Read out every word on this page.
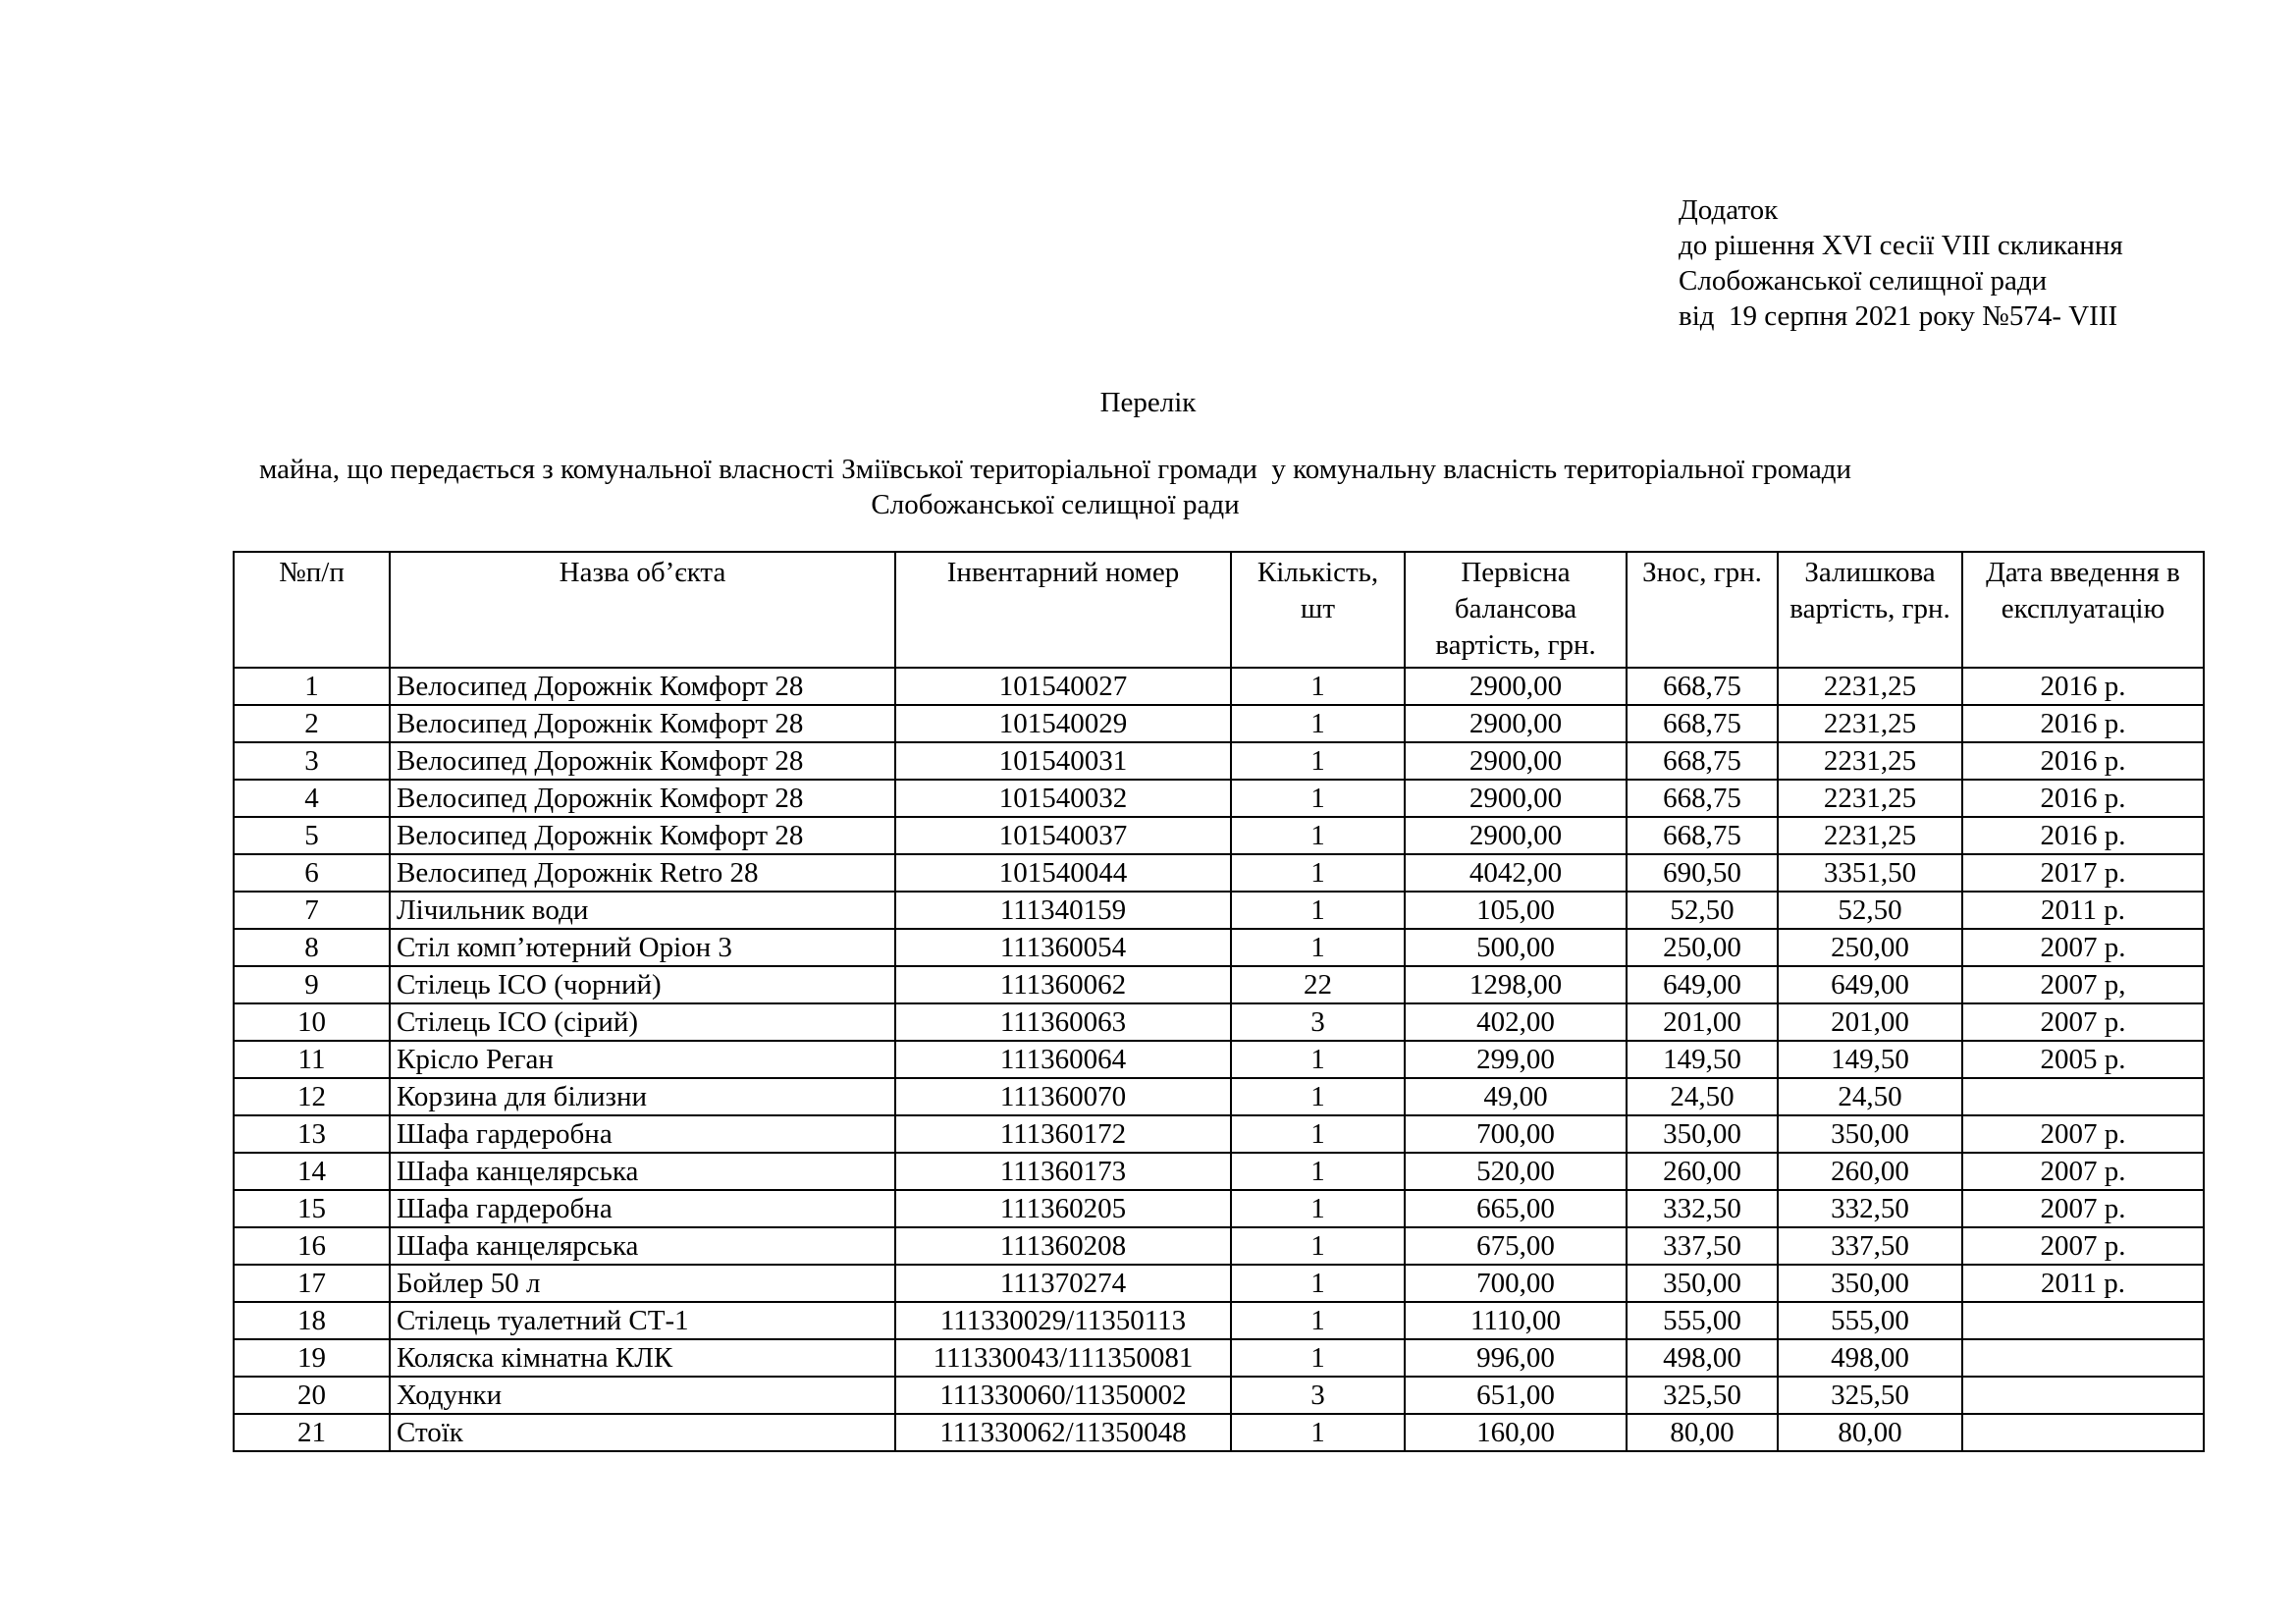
Додаток
до рішення XVI сесії VIII скликання
Слобожанської селищної ради
від  19 серпня 2021 року №574- VIII
Перелік
майна, що передається з комунальної власності Зміївської територіальної громади  у комунальну власність територіальної громади
Слобожанської селищної ради
№п/п	Назва об’єкта	Інвентарний номер	Кількість, шт	Первісна балансова вартість, грн.	Знос, грн.	Залишкова вартість, грн.	Дата введення в експлуатацію
1	Велосипед Дорожнік Комфорт 28	101540027	1	2900,00	668,75	2231,25	2016 р.
2	Велосипед Дорожнік Комфорт 28	101540029	1	2900,00	668,75	2231,25	2016 р.
3	Велосипед Дорожнік Комфорт 28	101540031	1	2900,00	668,75	2231,25	2016 р.
4	Велосипед Дорожнік Комфорт 28	101540032	1	2900,00	668,75	2231,25	2016 р.
5	Велосипед Дорожнік Комфорт 28	101540037	1	2900,00	668,75	2231,25	2016 р.
6	Велосипед Дорожнік Retro 28	101540044	1	4042,00	690,50	3351,50	2017 р.
7	Лічильник води	111340159	1	105,00	52,50	52,50	2011 р.
8	Стіл комп’ютерний Оріон 3	111360054	1	500,00	250,00	250,00	2007 р.
9	Стілець ІСО (чорний)	111360062	22	1298,00	649,00	649,00	2007 р,
10	Стілець ІСО (сірий)	111360063	3	402,00	201,00	201,00	2007 р.
11	Крісло Реган	111360064	1	299,00	149,50	149,50	2005 р.
12	Корзина для білизни	111360070	1	49,00	24,50	24,50	
13	Шафа гардеробна	111360172	1	700,00	350,00	350,00	2007 р.
14	Шафа канцелярська	111360173	1	520,00	260,00	260,00	2007 р.
15	Шафа гардеробна	111360205	1	665,00	332,50	332,50	2007 р.
16	Шафа канцелярська	111360208	1	675,00	337,50	337,50	2007 р.
17	Бойлер 50 л	111370274	1	700,00	350,00	350,00	2011 р.
18	Стілець туалетний СТ-1	111330029/11350113	1	1110,00	555,00	555,00	
19	Коляска кімнатна КЛК	111330043/111350081	1	996,00	498,00	498,00	
20	Ходунки	111330060/11350002	3	651,00	325,50	325,50	
21	Стоїк	111330062/11350048	1	160,00	80,00	80,00	
